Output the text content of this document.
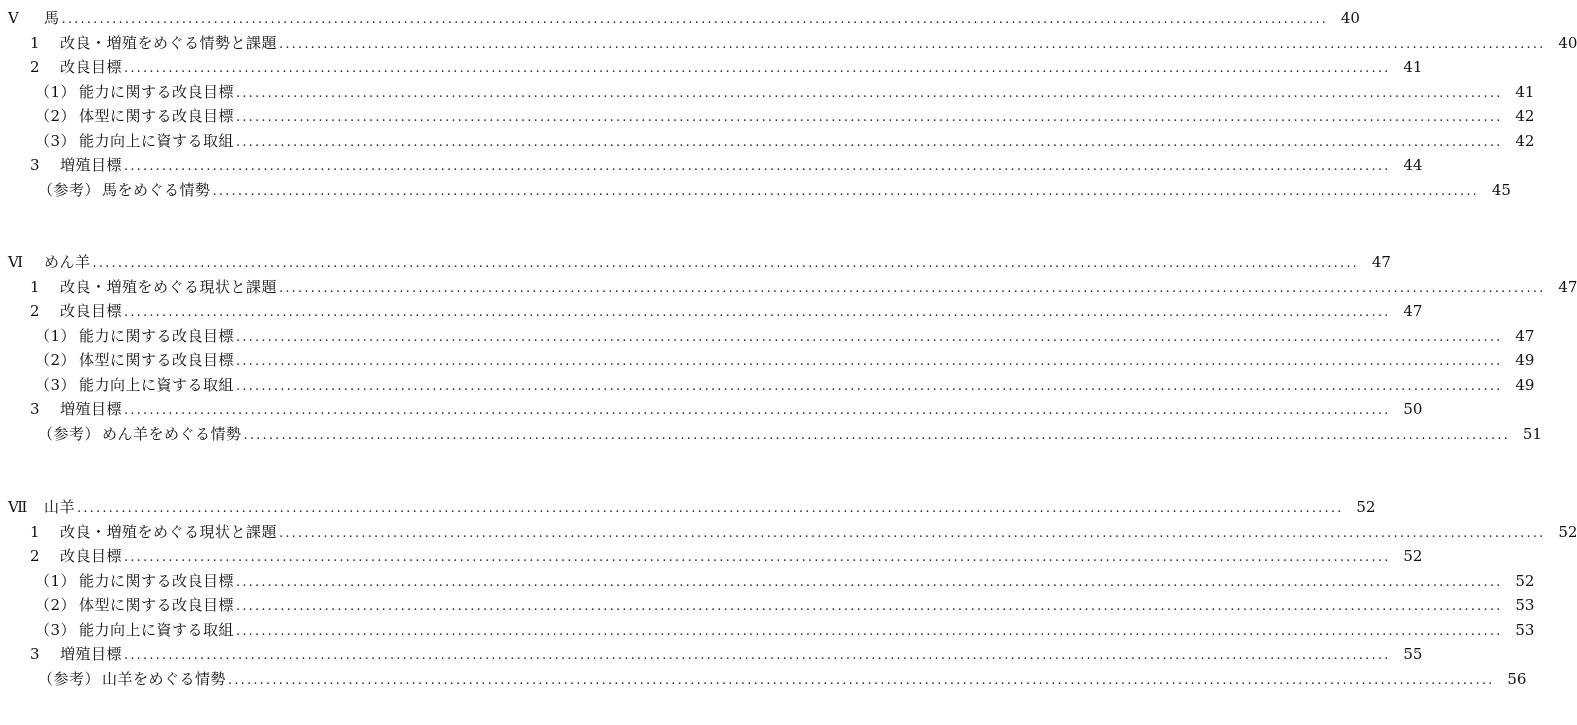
Ⅴ 馬 ........................................................................................................................................................................................................ 40
1 改良・増殖をめぐる情勢と課題 ........................................................................................................................................................................................................ 40
2 改良目標 ........................................................................................................................................................................................................ 41
（1） 能力に関する改良目標 ........................................................................................................................................................................................................ 41
（2） 体型に関する改良目標 ........................................................................................................................................................................................................ 42
（3） 能力向上に資する取組 ........................................................................................................................................................................................................ 42
3 増殖目標 ........................................................................................................................................................................................................ 44
（参考） 馬をめぐる情勢 ........................................................................................................................................................................................................ 45
Ⅵ めん羊 ........................................................................................................................................................................................................ 47
1 改良・増殖をめぐる現状と課題 ........................................................................................................................................................................................................ 47
2 改良目標 ........................................................................................................................................................................................................ 47
（1） 能力に関する改良目標 ........................................................................................................................................................................................................ 47
（2） 体型に関する改良目標 ........................................................................................................................................................................................................ 49
（3） 能力向上に資する取組 ........................................................................................................................................................................................................ 49
3 増殖目標 ........................................................................................................................................................................................................ 50
（参考） めん羊をめぐる情勢 ........................................................................................................................................................................................................ 51
Ⅶ 山羊 ........................................................................................................................................................................................................ 52
1 改良・増殖をめぐる現状と課題 ........................................................................................................................................................................................................ 52
2 改良目標 ........................................................................................................................................................................................................ 52
（1） 能力に関する改良目標 ........................................................................................................................................................................................................ 52
（2） 体型に関する改良目標 ........................................................................................................................................................................................................ 53
（3） 能力向上に資する取組 ........................................................................................................................................................................................................ 53
3 増殖目標 ........................................................................................................................................................................................................ 55
（参考） 山羊をめぐる情勢 ........................................................................................................................................................................................................ 56
